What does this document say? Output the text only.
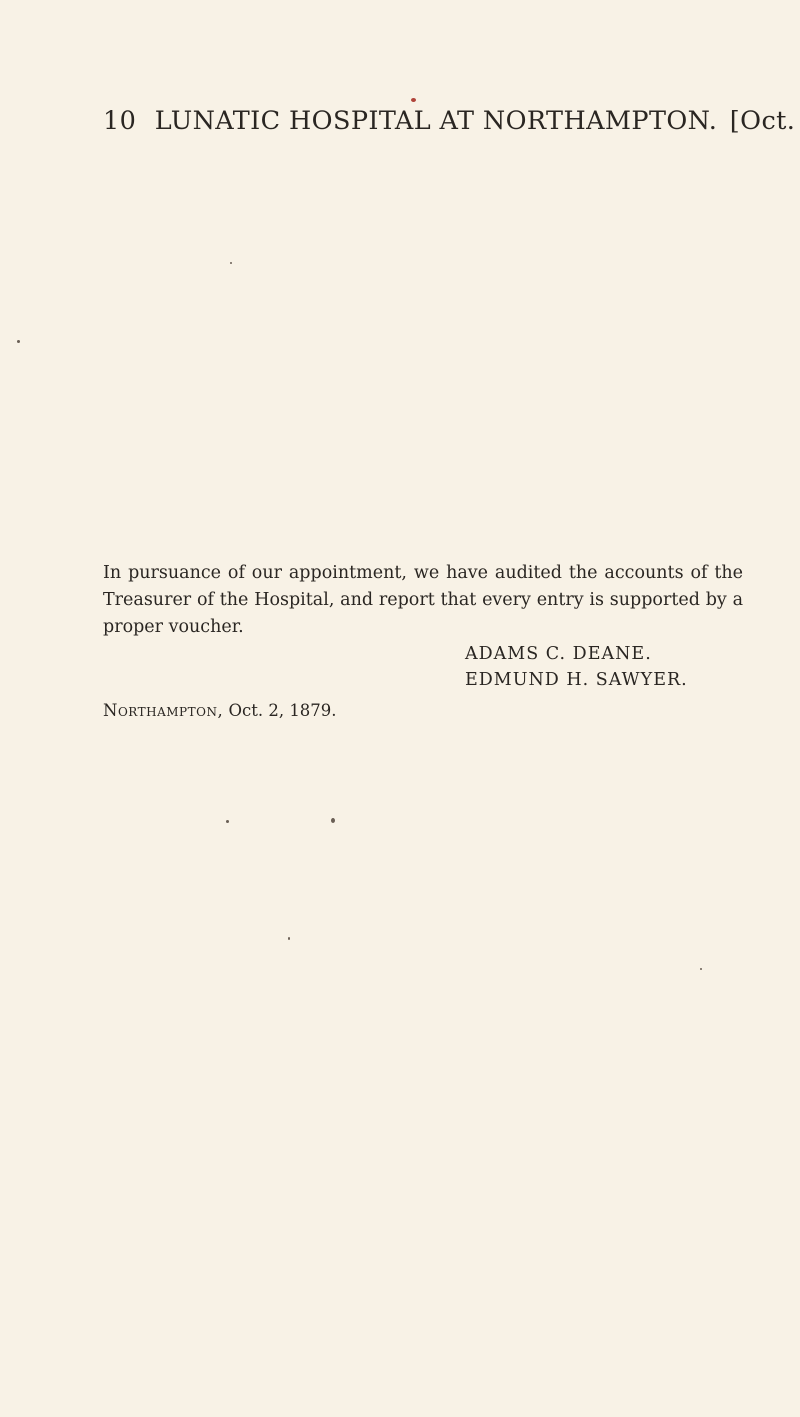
10 LUNATIC HOSPITAL AT NORTHAMPTON. [Oct.
In pursuance of our appointment, we have audited the accounts of the Treasurer of the Hospital, and report that every entry is supported by a proper voucher.
ADAMS C. DEANE.
EDMUND H. SAWYER.
Northampton, Oct. 2, 1879.
